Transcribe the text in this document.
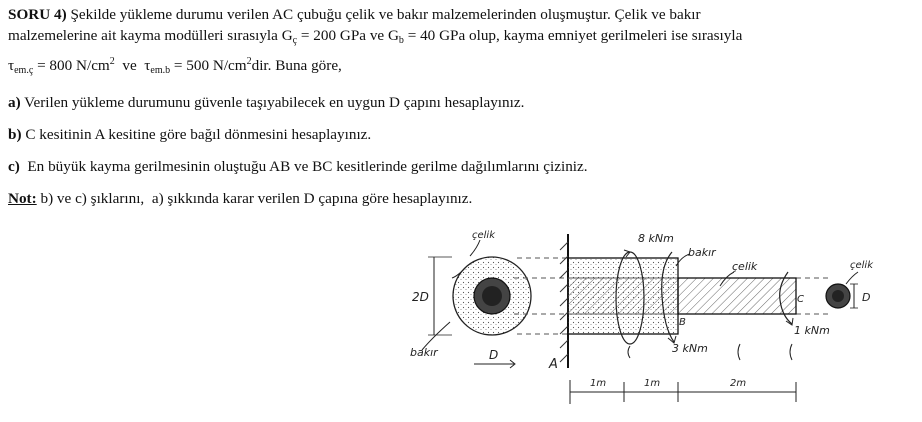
SORU 4) Şekilde yükleme durumu verilen AC çubuğu çelik ve bakır malzemelerinden oluşmuştur. Çelik ve bakır
malzemelerine ait kayma modülleri sırasıyla $G_ç = 200$ GPa ve $G_b = 40$ GPa olup, kayma emniyet gerilmeleri ise sırasıyla
$\tau_{em.ç} = 800$ $N/cm^2$  ve  $\tau_{em.b} = 500$ $N/cm^2dir$. Buna göre,
a) Verilen yükleme durumunu güvenle taşıyabilecek en uygun D çapını hesaplayınız.
b) C kesitinin A kesitine göre bağıl dönmesini hesaplayınız.
c)  En büyük kayma gerilmesinin oluştuğu AB ve BC kesitlerinde gerilme dağılımlarını çiziniz.
Not: b) ve c) şıklarını,  a) şıkkında karar verilen D çapına göre hesaplayınız.
çelik
bakır
2D
D
A
B
C
8 kNm
3 kNm
1 kNm
bakır
çelik	çelik
D
1m	1m	2m
